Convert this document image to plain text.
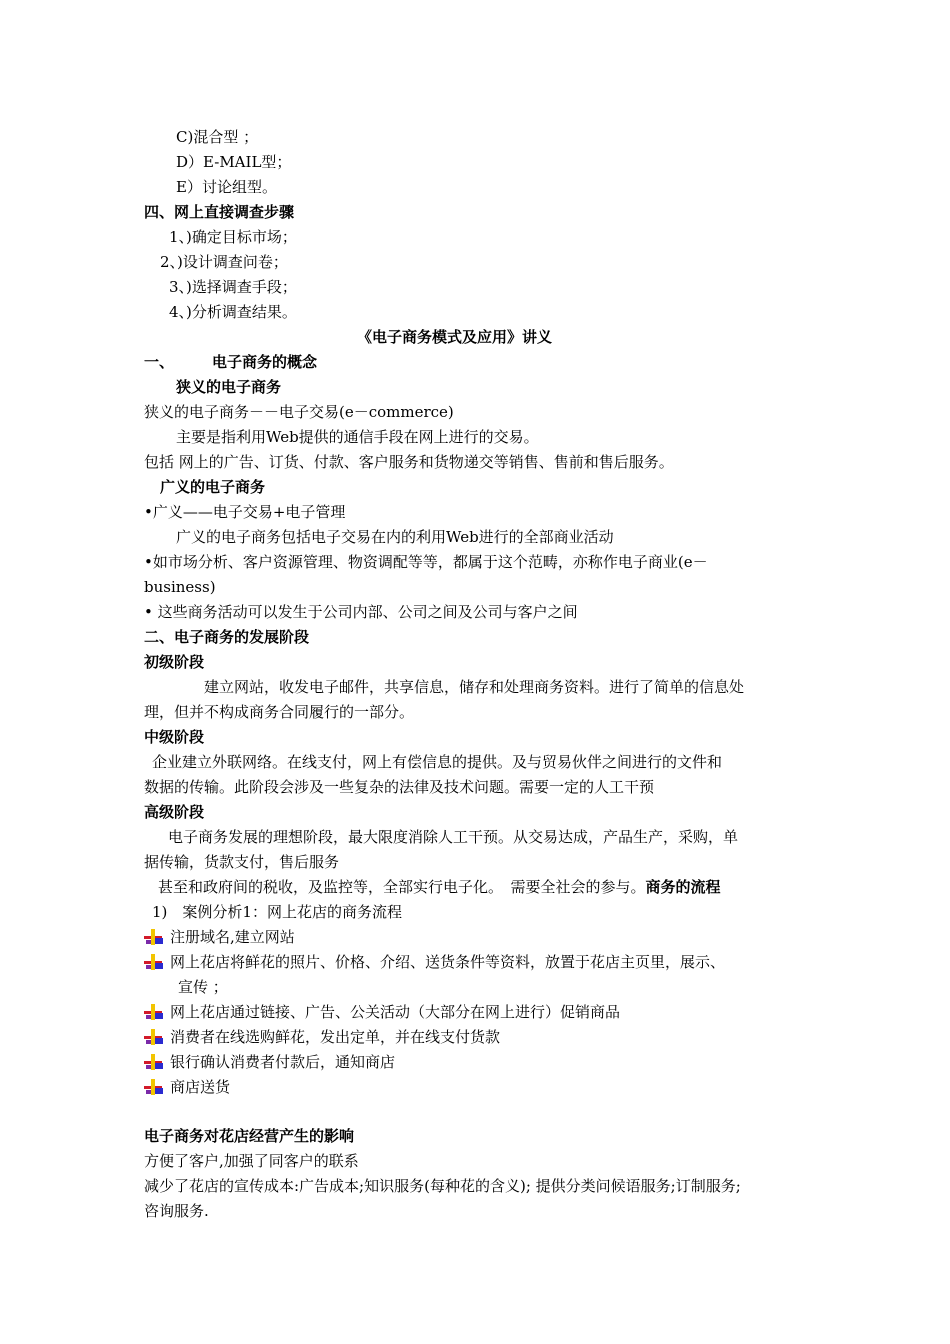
C)混合型 ；
D）E-MAIL型；
E）讨论组型。
四、网上直接调查步骤
1、)确定目标市场；
2、)设计调查问卷；
3、)选择调查手段；
4、)分析调查结果。
《电子商务模式及应用》讲义
一、	电子商务的概念
狭义的电子商务
狭义的电子商务－－电子交易(e－commerce)
主要是指利用Web提供的通信手段在网上进行的交易。
包括 网上的广告、订货、付款、客户服务和货物递交等销售、售前和售后服务。
广义的电子商务
•广义——电子交易+电子管理
广义的电子商务包括电子交易在内的利用Web进行的全部商业活动
•如市场分析、客户资源管理、物资调配等等，都属于这个范畴，亦称作电子商业(e－
business)
• 这些商务活动可以发生于公司内部、公司之间及公司与客户之间
二、电子商务的发展阶段
初级阶段
建立网站，收发电子邮件，共享信息，储存和处理商务资料。进行了简单的信息处
理，但并不构成商务合同履行的一部分。
中级阶段
企业建立外联网络。在线支付，网上有偿信息的提供。及与贸易伙伴之间进行的文件和
数据的传输。此阶段会涉及一些复杂的法律及技术问题。需要一定的人工干预
高级阶段
电子商务发展的理想阶段，最大限度消除人工干预。从交易达成，产品生产，采购，单
据传输，货款支付，售后服务
甚至和政府间的税收，及监控等，全部实行电子化。　需要全社会的参与。商务的流程
1)　案例分析1：网上花店的商务流程
注册域名,建立网站
网上花店将鲜花的照片、价格、介绍、送货条件等资料，放置于花店主页里，展示、
宣传 ；
网上花店通过链接、广告、公关活动（大部分在网上进行）促销商品
消费者在线选购鲜花，发出定单，并在线支付货款
银行确认消费者付款后，通知商店
商店送货
电子商务对花店经营产生的影响
方便了客户,加强了同客户的联系
减少了花店的宣传成本:广告成本;知识服务(每种花的含义); 提供分类问候语服务;订制服务;
咨询服务.
